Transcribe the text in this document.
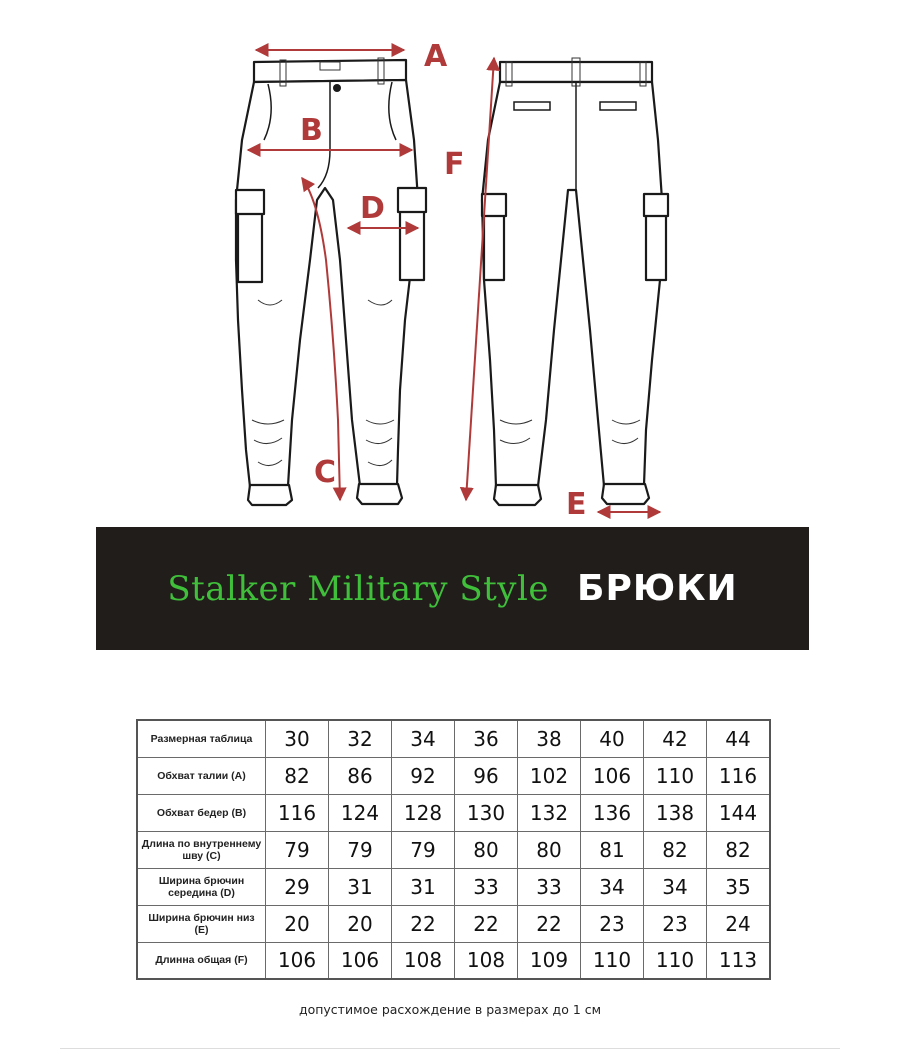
A
B
C
D
E
F
Stalker Military Style БРЮКИ
Размерная таблица	30	32	34	36	38	40	42	44
Обхват талии (А)	82	86	92	96	102	106	110	116
Обхват бедер (В)	116	124	128	130	132	136	138	144
Длина по внутреннему шву (С)	79	79	79	80	80	81	82	82
Ширина брючин середина (D)	29	31	31	33	33	34	34	35
Ширина брючин низ (Е)	20	20	22	22	22	23	23	24
Длинна общая (F)	106	106	108	108	109	110	110	113
допустимое расхождение в размерах до 1 см
